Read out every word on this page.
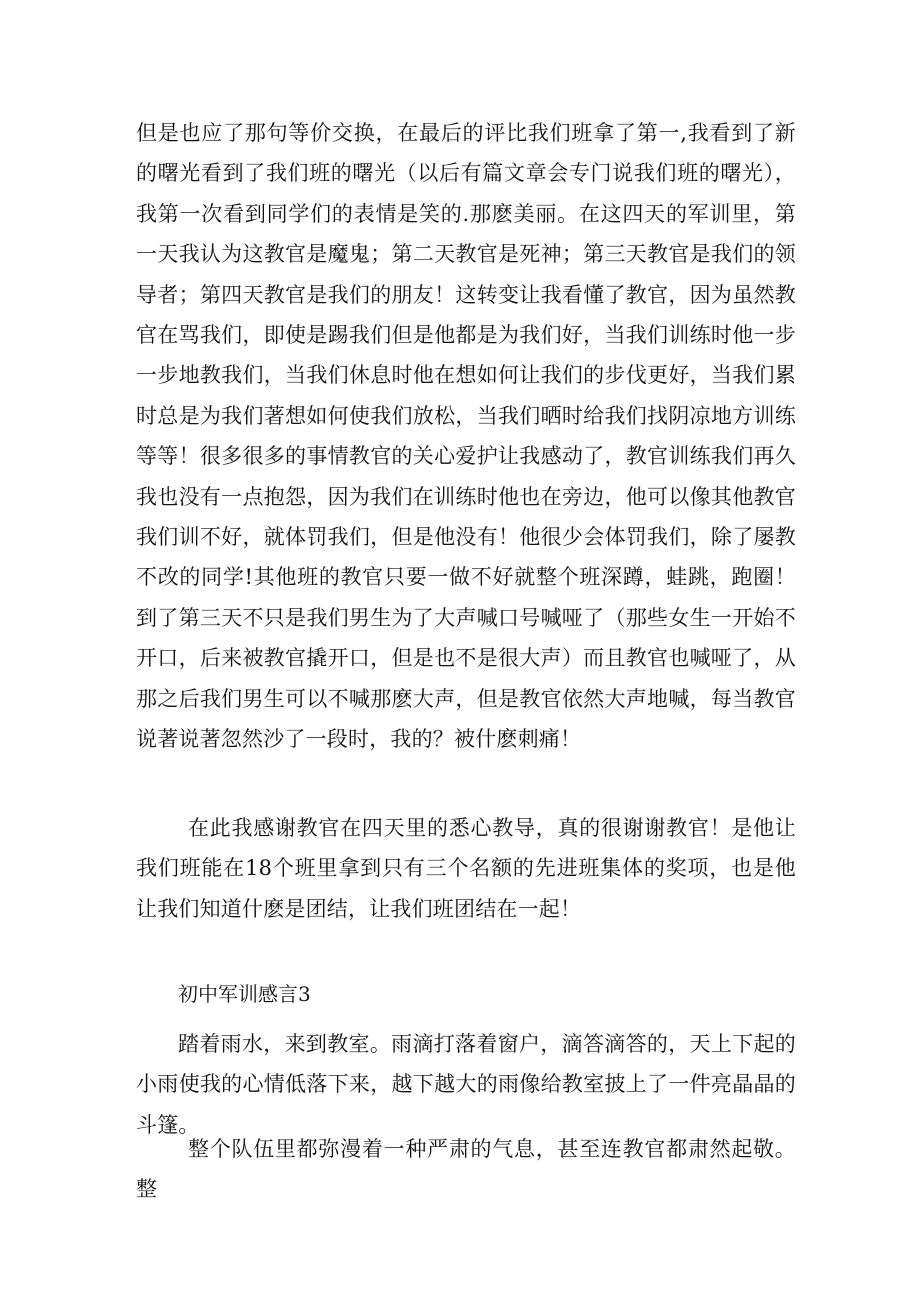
但是也应了那句等价交换，在最后的评比我们班拿了第一,我看到了新的曙光看到了我们班的曙光（以后有篇文章会专门说我们班的曙光），我第一次看到同学们的表情是笑的.那麽美丽。在这四天的军训里，第一天我认为这教官是魔鬼；第二天教官是死神；第三天教官是我们的领导者；第四天教官是我们的朋友！这转变让我看懂了教官，因为虽然教官在骂我们，即使是踢我们但是他都是为我们好，当我们训练时他一步一步地教我们，当我们休息时他在想如何让我们的步伐更好，当我们累时总是为我们著想如何使我们放松，当我们晒时给我们找阴凉地方训练等等！很多很多的事情教官的关心爱护让我感动了，教官训练我们再久我也没有一点抱怨，因为我们在训练时他也在旁边，他可以像其他教官我们训不好，就体罚我们，但是他没有！他很少会体罚我们，除了屡教不改的同学!其他班的教官只要一做不好就整个班深蹲，蛙跳，跑圈！到了第三天不只是我们男生为了大声喊口号喊哑了（那些女生一开始不开口，后来被教官撬开口，但是也不是很大声）而且教官也喊哑了，从那之后我们男生可以不喊那麽大声，但是教官依然大声地喊，每当教官说著说著忽然沙了一段时，我的？被什麽刺痛！

在此我感谢教官在四天里的悉心教导，真的很谢谢教官！是他让我们班能在18个班里拿到只有三个名额的先进班集体的奖项，也是他让我们知道什麽是团结，让我们班团结在一起！

初中军训感言3

踏着雨水，来到教室。雨滴打落着窗户，滴答滴答的，天上下起的小雨使我的心情低落下来，越下越大的雨像给教室披上了一件亮晶晶的斗篷。

整个队伍里都弥漫着一种严肃的气息，甚至连教官都肃然起敬。整
